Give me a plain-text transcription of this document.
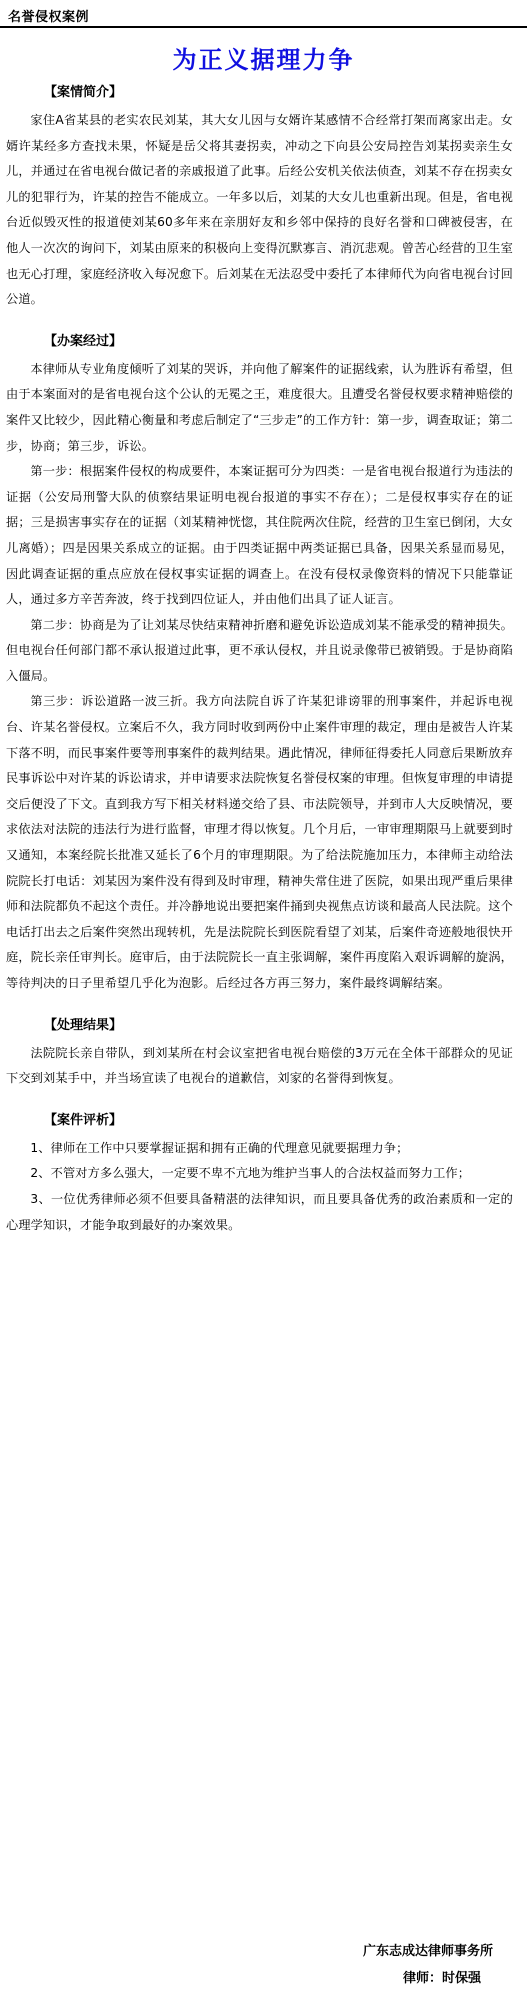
名誉侵权案例
为正义据理力争
【案情简介】

家住A省某县的老实农民刘某，其大女儿因与女婿许某感情不合经常打架而离家出走。女婿许某经多方查找未果，怀疑是岳父将其妻拐卖，冲动之下向县公安局控告刘某拐卖亲生女儿，并通过在省电视台做记者的亲戚报道了此事。后经公安机关依法侦查，刘某不存在拐卖女儿的犯罪行为，许某的控告不能成立。一年多以后，刘某的大女儿也重新出现。但是，省电视台近似毁灭性的报道使刘某60多年来在亲朋好友和乡邻中保持的良好名誉和口碑被侵害，在他人一次次的询问下，刘某由原来的积极向上变得沉默寡言、消沉悲观。曾苦心经营的卫生室也无心打理，家庭经济收入每况愈下。后刘某在无法忍受中委托了本律师代为向省电视台讨回公道。

【办案经过】

本律师从专业角度倾听了刘某的哭诉，并向他了解案件的证据线索，认为胜诉有希望，但由于本案面对的是省电视台这个公认的无冕之王，难度很大。且遭受名誉侵权要求精神赔偿的案件又比较少，因此精心衡量和考虑后制定了“三步走”的工作方针：第一步，调查取证；第二步，协商；第三步，诉讼。

第一步：根据案件侵权的构成要件，本案证据可分为四类：一是省电视台报道行为违法的证据（公安局刑警大队的侦察结果证明电视台报道的事实不存在）；二是侵权事实存在的证据；三是损害事实存在的证据（刘某精神恍惚，其住院两次住院，经营的卫生室已倒闭，大女儿离婚）；四是因果关系成立的证据。由于四类证据中两类证据已具备，因果关系显而易见，因此调查证据的重点应放在侵权事实证据的调查上。在没有侵权录像资料的情况下只能靠证人，通过多方辛苦奔波，终于找到四位证人，并由他们出具了证人证言。

第二步：协商是为了让刘某尽快结束精神折磨和避免诉讼造成刘某不能承受的精神损失。但电视台任何部门都不承认报道过此事，更不承认侵权，并且说录像带已被销毁。于是协商陷入僵局。

第三步：诉讼道路一波三折。我方向法院自诉了许某犯诽谤罪的刑事案件，并起诉电视台、许某名誉侵权。立案后不久，我方同时收到两份中止案件审理的裁定，理由是被告人许某下落不明，而民事案件要等刑事案件的裁判结果。遇此情况，律师征得委托人同意后果断放弃民事诉讼中对许某的诉讼请求，并申请要求法院恢复名誉侵权案的审理。但恢复审理的申请提交后便没了下文。直到我方写下相关材料递交给了县、市法院领导，并到市人大反映情况，要求依法对法院的违法行为进行监督，审理才得以恢复。几个月后，一审审理期限马上就要到时又通知，本案经院长批准又延长了6个月的审理期限。为了给法院施加压力，本律师主动给法院院长打电话：刘某因为案件没有得到及时审理，精神失常住进了医院，如果出现严重后果律师和法院都负不起这个责任。并冷静地说出要把案件捅到央视焦点访谈和最高人民法院。这个电话打出去之后案件突然出现转机，先是法院院长到医院看望了刘某，后案件奇迹般地很快开庭，院长亲任审判长。庭审后，由于法院院长一直主张调解，案件再度陷入艰诉调解的旋涡，等待判决的日子里希望几乎化为泡影。后经过各方再三努力，案件最终调解结案。

【处理结果】

法院院长亲自带队，到刘某所在村会议室把省电视台赔偿的3万元在全体干部群众的见证下交到刘某手中，并当场宣读了电视台的道歉信，刘家的名誉得到恢复。

【案件评析】

1、律师在工作中只要掌握证据和拥有正确的代理意见就要据理力争；

2、不管对方多么强大，一定要不卑不亢地为维护当事人的合法权益而努力工作；

3、一位优秀律师必须不但要具备精湛的法律知识，而且要具备优秀的政治素质和一定的心理学知识，才能争取到最好的办案效果。

广东志成达律师事务所
律师：时保强
